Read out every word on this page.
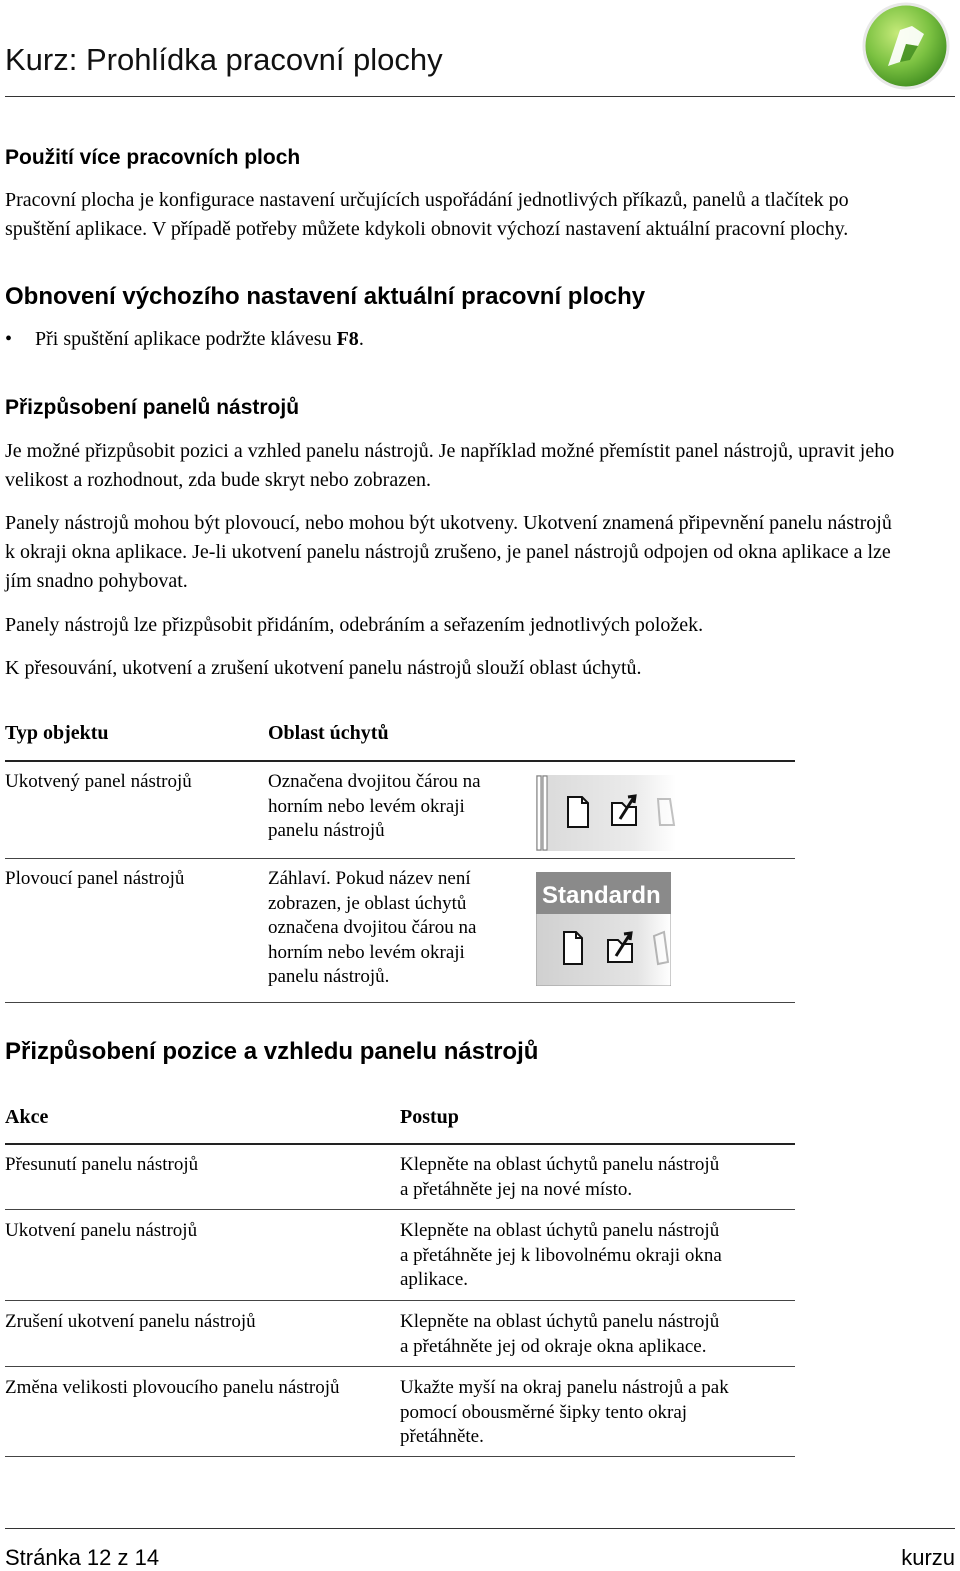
Kurz: Prohlídka pracovní plochy
Použití více pracovních ploch
Pracovní plocha je konfigurace nastavení určujících uspořádání jednotlivých příkazů, panelů a tlačítek po
spuštění aplikace. V případě potřeby můžete kdykoli obnovit výchozí nastavení aktuální pracovní plochy.
Obnovení výchozího nastavení aktuální pracovní plochy
• Při spuštění aplikace podržte klávesu F8.
Přizpůsobení panelů nástrojů
Je možné přizpůsobit pozici a vzhled panelu nástrojů. Je například možné přemístit panel nástrojů, upravit jeho
velikost a rozhodnout, zda bude skryt nebo zobrazen.
Panely nástrojů mohou být plovoucí, nebo mohou být ukotveny. Ukotvení znamená připevnění panelu nástrojů
k okraji okna aplikace. Je-li ukotvení panelu nástrojů zrušeno, je panel nástrojů odpojen od okna aplikace a lze
jím snadno pohybovat.
Panely nástrojů lze přizpůsobit přidáním, odebráním a seřazením jednotlivých položek.
K přesouvání, ukotvení a zrušení ukotvení panelu nástrojů slouží oblast úchytů.
Typ objektu	Oblast úchytů
Ukotvený panel nástrojů	Označena dvojitou čárou na
horním nebo levém okraji
panelu nástrojů
Plovoucí panel nástrojů	Záhlaví. Pokud název není
zobrazen, je oblast úchytů
označena dvojitou čárou na
horním nebo levém okraji
panelu nástrojů.
Standardn
Přizpůsobení pozice a vzhledu panelu nástrojů
Akce	Postup
Přesunutí panelu nástrojů	Klepněte na oblast úchytů panelu nástrojů
a přetáhněte jej na nové místo.
Ukotvení panelu nástrojů	Klepněte na oblast úchytů panelu nástrojů
a přetáhněte jej k libovolnému okraji okna
aplikace.
Zrušení ukotvení panelu nástrojů	Klepněte na oblast úchytů panelu nástrojů
a přetáhněte jej od okraje okna aplikace.
Změna velikosti plovoucího panelu nástrojů	Ukažte myší na okraj panelu nástrojů a pak
pomocí obousměrné šipky tento okraj
přetáhněte.
Stránka 12 z 14	kurzu
